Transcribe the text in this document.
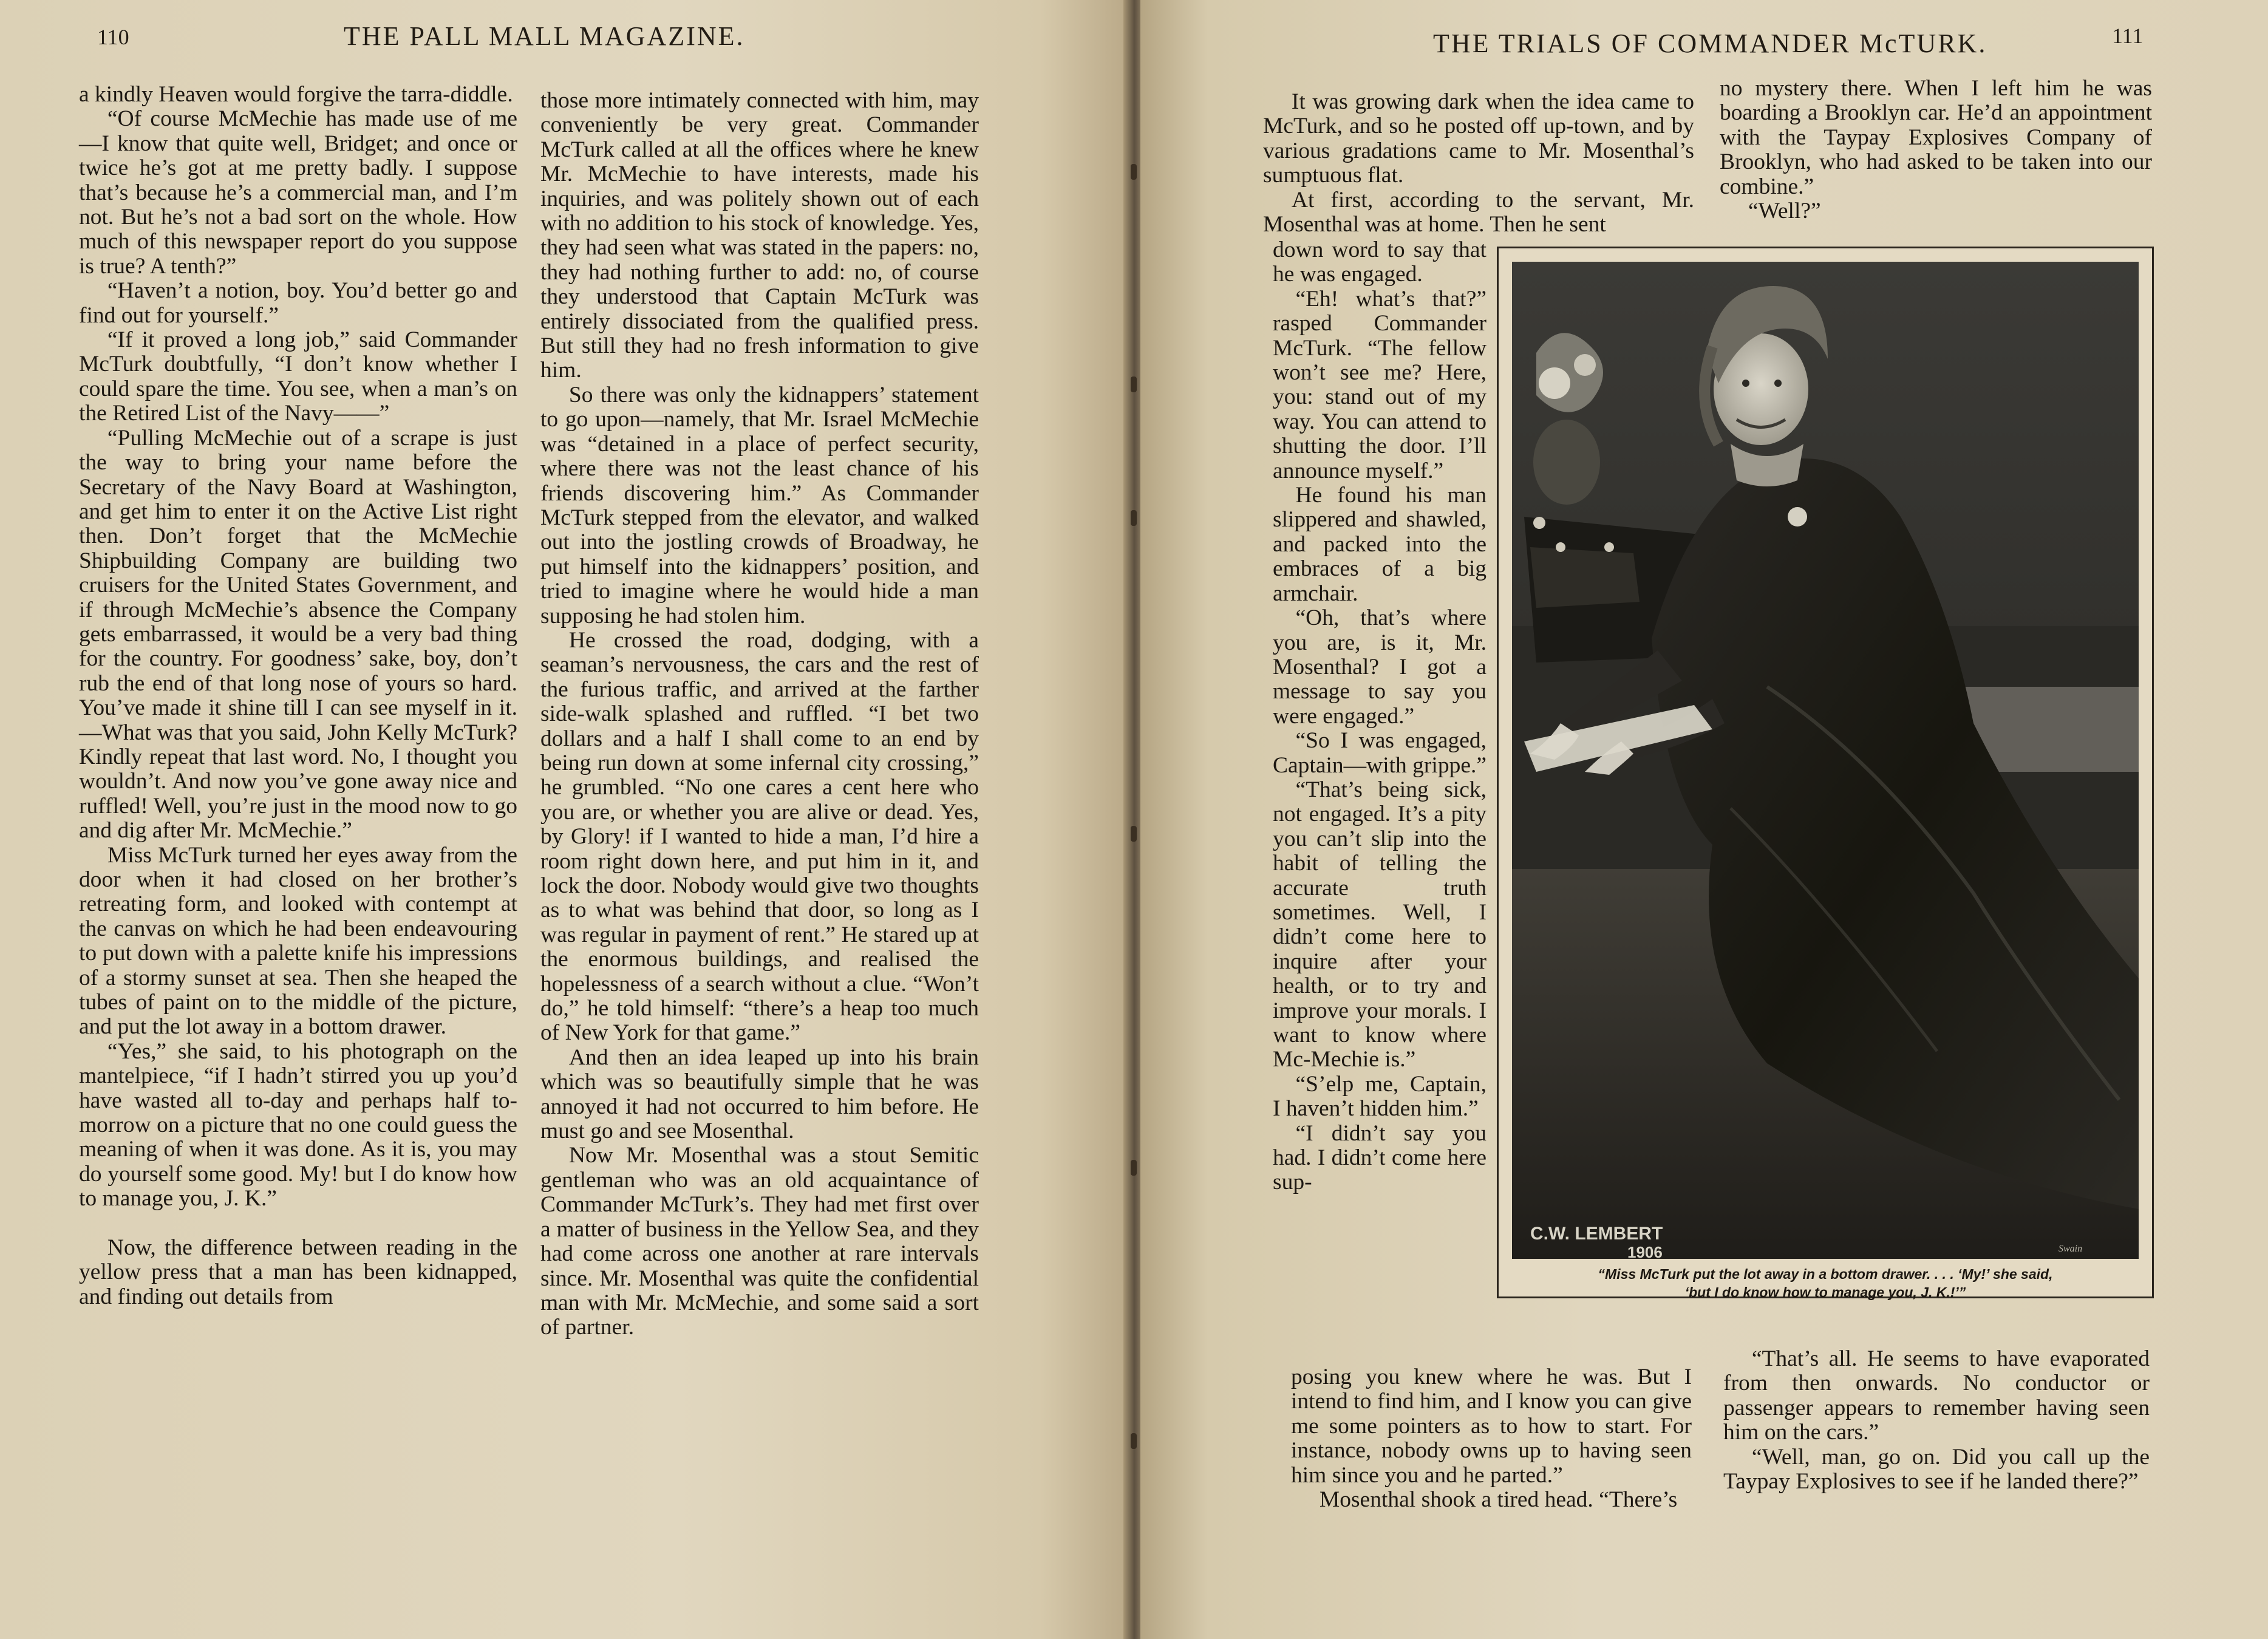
110	THE PALL MALL MAGAZINE.

a kindly Heaven would forgive the tarra-diddle.

“Of course McMechie has made use of me—I know that quite well, Bridget; and once or twice he’s got at me pretty badly. I suppose that’s because he’s a commercial man, and I’m not. But he’s not a bad sort on the whole. How much of this newspaper report do you suppose is true? A tenth?”

“Haven’t a notion, boy. You’d better go and find out for yourself.”

“If it proved a long job,” said Commander McTurk doubtfully, “I don’t know whether I could spare the time. You see, when a man’s on the Retired List of the Navy——”

“Pulling McMechie out of a scrape is just the way to bring your name before the Secretary of the Navy Board at Washington, and get him to enter it on the Active List right then. Don’t forget that the McMechie Shipbuilding Company are building two cruisers for the United States Government, and if through McMechie’s absence the Company gets embarrassed, it would be a very bad thing for the country. For goodness’ sake, boy, don’t rub the end of that long nose of yours so hard. You’ve made it shine till I can see myself in it.—What was that you said, John Kelly McTurk? Kindly repeat that last word. No, I thought you wouldn’t. And now you’ve gone away nice and ruffled! Well, you’re just in the mood now to go and dig after Mr. McMechie.”

Miss McTurk turned her eyes away from the door when it had closed on her brother’s retreating form, and looked with contempt at the canvas on which he had been endeavouring to put down with a palette knife his impressions of a stormy sunset at sea. Then she heaped the tubes of paint on to the middle of the picture, and put the lot away in a bottom drawer.

“Yes,” she said, to his photograph on the mantelpiece, “if I hadn’t stirred you up you’d have wasted all to-day and perhaps half to-morrow on a picture that no one could guess the meaning of when it was done. As it is, you may do yourself some good. My! but I do know how to manage you, J. K.”

Now, the difference between reading in the yellow press that a man has been kidnapped, and finding out details from

those more intimately connected with him, may conveniently be very great. Commander McTurk called at all the offices where he knew Mr. McMechie to have interests, made his inquiries, and was politely shown out of each with no addition to his stock of knowledge. Yes, they had seen what was stated in the papers: no, they had nothing further to add: no, of course they understood that Captain McTurk was entirely dissociated from the qualified press. But still they had no fresh information to give him.

So there was only the kidnappers’ statement to go upon—namely, that Mr. Israel McMechie was “detained in a place of perfect security, where there was not the least chance of his friends discovering him.” As Commander McTurk stepped from the elevator, and walked out into the jostling crowds of Broadway, he put himself into the kidnappers’ position, and tried to imagine where he would hide a man supposing he had stolen him.

He crossed the road, dodging, with a seaman’s nervousness, the cars and the rest of the furious traffic, and arrived at the farther side-walk splashed and ruffled. “I bet two dollars and a half I shall come to an end by being run down at some infernal city crossing,” he grumbled. “No one cares a cent here who you are, or whether you are alive or dead. Yes, by Glory! if I wanted to hide a man, I’d hire a room right down here, and put him in it, and lock the door. Nobody would give two thoughts as to what was behind that door, so long as I was regular in payment of rent.” He stared up at the enormous buildings, and realised the hopelessness of a search without a clue. “Won’t do,” he told himself: “there’s a heap too much of New York for that game.”

And then an idea leaped up into his brain which was so beautifully simple that he was annoyed it had not occurred to him before. He must go and see Mosenthal.

Now Mr. Mosenthal was a stout Semitic gentleman who was an old acquaintance of Commander McTurk’s. They had met first over a matter of business in the Yellow Sea, and they had come across one another at rare intervals since. Mr. Mosenthal was quite the confidential man with Mr. McMechie, and some said a sort of partner.

THE TRIALS OF COMMANDER McTURK.	111

It was growing dark when the idea came to McTurk, and so he posted off up-town, and by various gradations came to Mr. Mosenthal’s sumptuous flat.

At first, according to the servant, Mr. Mosenthal was at home. Then he sent

down word to say that he was engaged.

“Eh! what’s that?” rasped Commander McTurk. “The fellow won’t see me? Here, you: stand out of my way. You can attend to shutting the door. I’ll announce myself.”

He found his man slippered and shawled, and packed into the embraces of a big armchair.

“Oh, that’s where you are, is it, Mr. Mosenthal? I got a message to say you were engaged.”

“So I was engaged, Captain—with grippe.”

“That’s being sick, not engaged. It’s a pity you can’t slip into the habit of telling the accurate truth sometimes. Well, I didn’t come here to inquire after your health, or to try and improve your morals. I want to know where Mc-Mechie is.”

“S’elp me, Captain, I haven’t hidden him.”

“I didn’t say you had. I didn’t come here sup-

posing you knew where he was. But I intend to find him, and I know you can give me some pointers as to how to start. For instance, nobody owns up to having seen him since you and he parted.”

Mosenthal shook a tired head. “There’s

no mystery there. When I left him he was boarding a Brooklyn car. He’d an appointment with the Taypay Explosives Company of Brooklyn, who had asked to be taken into our combine.”

“Well?”

“That’s all. He seems to have evaporated from then onwards. No conductor or passenger appears to remember having seen him on the cars.”

“Well, man, go on. Did you call up the Taypay Explosives to see if he landed there?”

C.W. LEMBERT
1906	Swain
“Miss McTurk put the lot away in a bottom drawer. . . . ‘My!’ she said,
‘but I do know how to manage you, J. K.!’”
